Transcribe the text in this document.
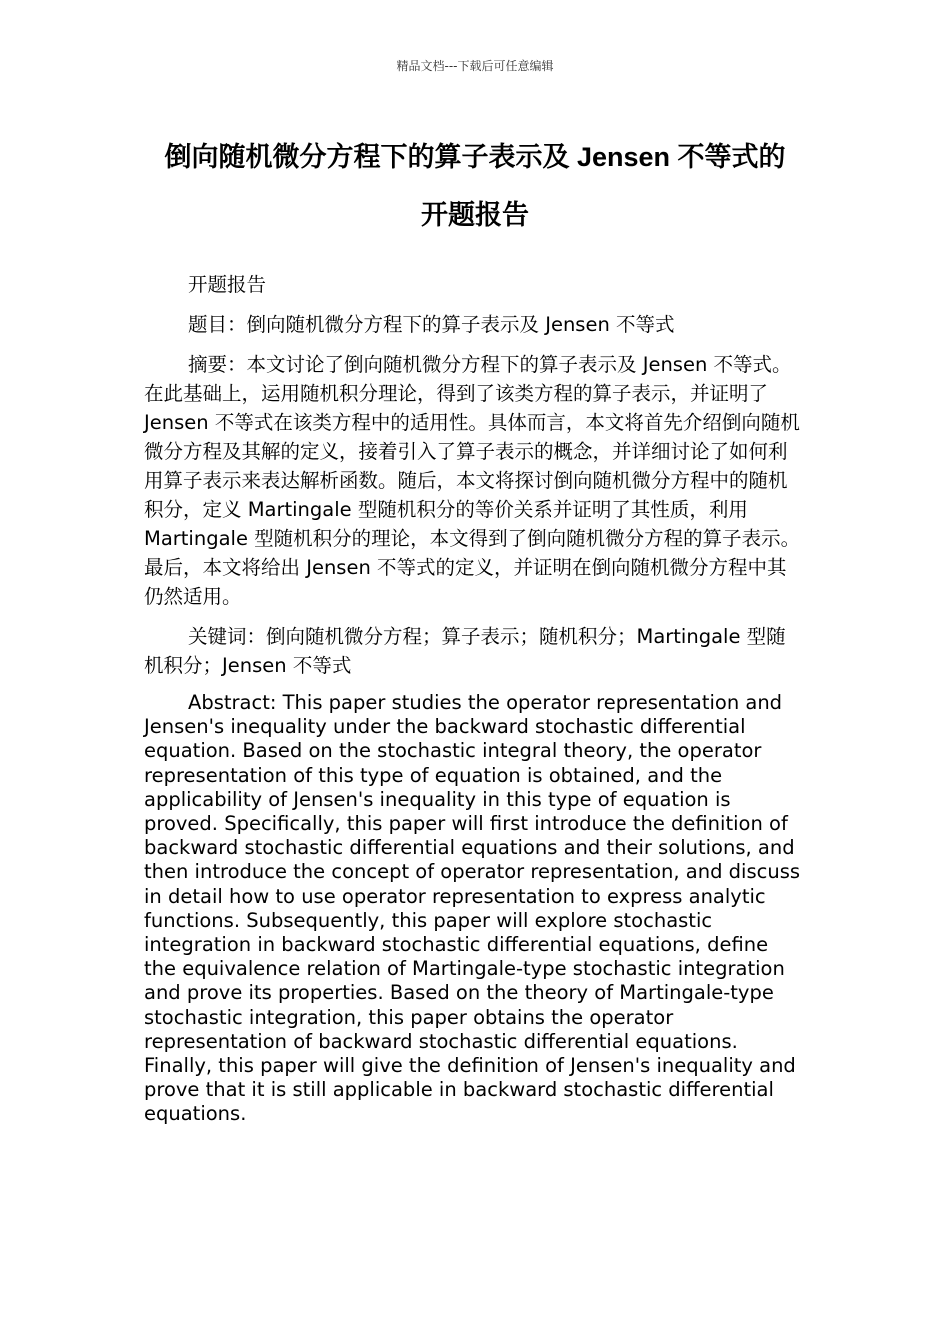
精品文档---下载后可任意编辑
倒向随机微分方程下的算子表示及 Jensen 不等式的
开题报告

开题报告

题目：倒向随机微分方程下的算子表示及 Jensen 不等式

摘要：本文讨论了倒向随机微分方程下的算子表示及 Jensen 不等式。在此基础上，运用随机积分理论，得到了该类方程的算子表示，并证明了 Jensen 不等式在该类方程中的适用性。具体而言，本文将首先介绍倒向随机微分方程及其解的定义，接着引入了算子表示的概念，并详细讨论了如何利用算子表示来表达解析函数。随后，本文将探讨倒向随机微分方程中的随机积分，定义 Martingale 型随机积分的等价关系并证明了其性质，利用 Martingale 型随机积分的理论，本文得到了倒向随机微分方程的算子表示。最后，本文将给出 Jensen 不等式的定义，并证明在倒向随机微分方程中其仍然适用。

关键词：倒向随机微分方程；算子表示；随机积分；Martingale 型随机积分；Jensen 不等式

Abstract: This paper studies the operator representation and Jensen's inequality under the backward stochastic differential equation. Based on the stochastic integral theory, the operator representation of this type of equation is obtained, and the applicability of Jensen's inequality in this type of equation is proved. Specifically, this paper will first introduce the definition of backward stochastic differential equations and their solutions, and then introduce the concept of operator representation, and discuss in detail how to use operator representation to express analytic functions. Subsequently, this paper will explore stochastic integration in backward stochastic differential equations, define the equivalence relation of Martingale-type stochastic integration and prove its properties. Based on the theory of Martingale-type stochastic integration, this paper obtains the operator representation of backward stochastic differential equations. Finally, this paper will give the definition of Jensen's inequality and prove that it is still applicable in backward stochastic differential equations.
